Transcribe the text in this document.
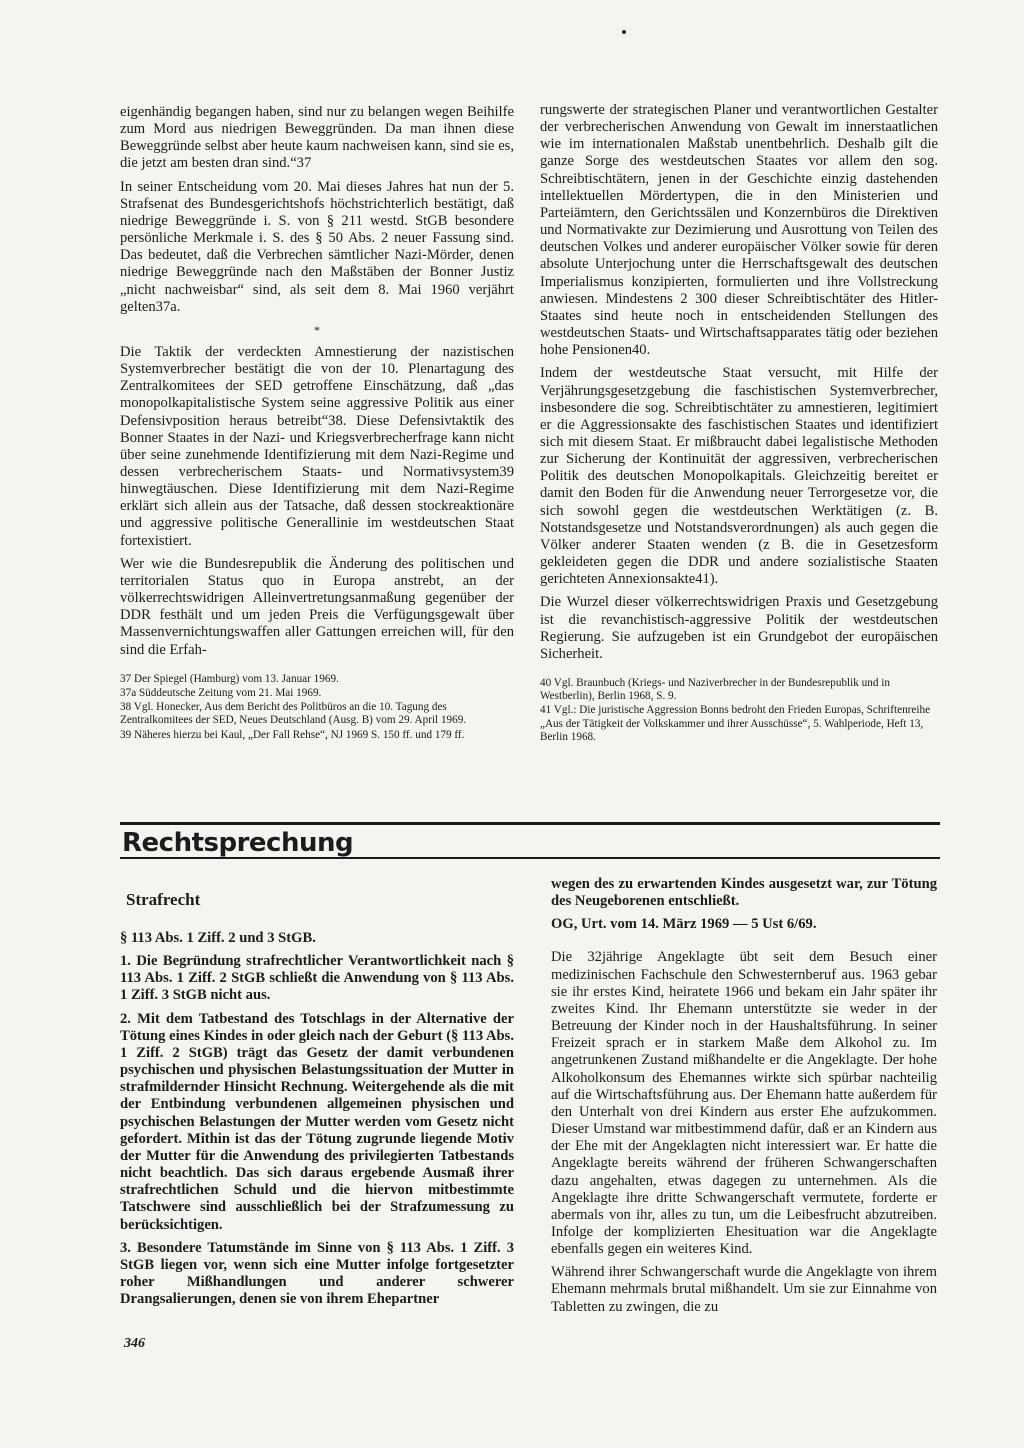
eigenhändig begangen haben, sind nur zu belangen wegen Beihilfe zum Mord aus niedrigen Beweggründen. Da man ihnen diese Beweggründe selbst aber heute kaum nachweisen kann, sind sie es, die jetzt am besten dran sind.“37

In seiner Entscheidung vom 20. Mai dieses Jahres hat nun der 5. Strafsenat des Bundesgerichtshofs höchstrichterlich bestätigt, daß niedrige Beweggründe i. S. von § 211 westd. StGB besondere persönliche Merkmale i. S. des § 50 Abs. 2 neuer Fassung sind. Das bedeutet, daß die Verbrechen sämtlicher Nazi-Mörder, denen niedrige Beweggründe nach den Maßstäben der Bonner Justiz „nicht nachweisbar“ sind, als seit dem 8. Mai 1960 verjährt gelten37a.

*

Die Taktik der verdeckten Amnestierung der nazistischen Systemverbrecher bestätigt die von der 10. Plenartagung des Zentralkomitees der SED getroffene Einschätzung, daß „das monopolkapitalistische System seine aggressive Politik aus einer Defensivposition heraus betreibt“38. Diese Defensivtaktik des Bonner Staates in der Nazi- und Kriegsverbrecherfrage kann nicht über seine zunehmende Identifizierung mit dem Nazi-Regime und dessen verbrecherischem Staats- und Normativsystem39 hinwegtäuschen. Diese Identifizierung mit dem Nazi-Regime erklärt sich allein aus der Tatsache, daß dessen stockreaktionäre und aggressive politische Generallinie im westdeutschen Staat fortexistiert.

Wer wie die Bundesrepublik die Änderung des politischen und territorialen Status quo in Europa anstrebt, an der völkerrechtswidrigen Alleinvertretungsanmaßung gegenüber der DDR festhält und um jeden Preis die Verfügungsgewalt über Massenvernichtungswaffen aller Gattungen erreichen will, für den sind die Erfah-

37 Der Spiegel (Hamburg) vom 13. Januar 1969.

37a Süddeutsche Zeitung vom 21. Mai 1969.

38 Vgl. Honecker, Aus dem Bericht des Politbüros an die 10. Tagung des Zentralkomitees der SED, Neues Deutschland (Ausg. B) vom 29. April 1969.

39 Näheres hierzu bei Kaul, „Der Fall Rehse“, NJ 1969 S. 150 ff. und 179 ff.

rungswerte der strategischen Planer und verantwortlichen Gestalter der verbrecherischen Anwendung von Gewalt im innerstaatlichen wie im internationalen Maßstab unentbehrlich. Deshalb gilt die ganze Sorge des westdeutschen Staates vor allem den sog. Schreibtischtätern, jenen in der Geschichte einzig dastehenden intellektuellen Mördertypen, die in den Ministerien und Parteiämtern, den Gerichtssälen und Konzernbüros die Direktiven und Normativakte zur Dezimierung und Ausrottung von Teilen des deutschen Volkes und anderer europäischer Völker sowie für deren absolute Unterjochung unter die Herrschaftsgewalt des deutschen Imperialismus konzipierten, formulierten und ihre Vollstreckung anwiesen. Mindestens 2 300 dieser Schreibtischtäter des Hitler-Staates sind heute noch in entscheidenden Stellungen des westdeutschen Staats- und Wirtschaftsapparates tätig oder beziehen hohe Pensionen40.

Indem der westdeutsche Staat versucht, mit Hilfe der Verjährungsgesetzgebung die faschistischen Systemverbrecher, insbesondere die sog. Schreibtischtäter zu amnestieren, legitimiert er die Aggressionsakte des faschistischen Staates und identifiziert sich mit diesem Staat. Er mißbraucht dabei legalistische Methoden zur Sicherung der Kontinuität der aggressiven, verbrecherischen Politik des deutschen Monopolkapitals. Gleichzeitig bereitet er damit den Boden für die Anwendung neuer Terrorgesetze vor, die sich sowohl gegen die westdeutschen Werktätigen (z. B. Notstandsgesetze und Notstandsverordnungen) als auch gegen die Völker anderer Staaten wenden (z B. die in Gesetzesform gekleideten gegen die DDR und andere sozialistische Staaten gerichteten Annexionsakte41).

Die Wurzel dieser völkerrechtswidrigen Praxis und Gesetzgebung ist die revanchistisch-aggressive Politik der westdeutschen Regierung. Sie aufzugeben ist ein Grundgebot der europäischen Sicherheit.

40 Vgl. Braunbuch (Kriegs- und Naziverbrecher in der Bundesrepublik und in Westberlin), Berlin 1968, S. 9.

41 Vgl.: Die juristische Aggression Bonns bedroht den Frieden Europas, Schriftenreihe „Aus der Tätigkeit der Volkskammer und ihrer Ausschüsse“, 5. Wahlperiode, Heft 13, Berlin 1968.

Rechtsprechung
Strafrecht

§ 113 Abs. 1 Ziff. 2 und 3 StGB.

1. Die Begründung strafrechtlicher Verantwortlichkeit nach § 113 Abs. 1 Ziff. 2 StGB schließt die Anwendung von § 113 Abs. 1 Ziff. 3 StGB nicht aus.

2. Mit dem Tatbestand des Totschlags in der Alternative der Tötung eines Kindes in oder gleich nach der Geburt (§ 113 Abs. 1 Ziff. 2 StGB) trägt das Gesetz der damit verbundenen psychischen und physischen Belastungssituation der Mutter in strafmildernder Hinsicht Rechnung. Weitergehende als die mit der Entbindung verbundenen allgemeinen physischen und psychischen Belastungen der Mutter werden vom Gesetz nicht gefordert. Mithin ist das der Tötung zugrunde liegende Motiv der Mutter für die Anwendung des privilegierten Tatbestands nicht beachtlich. Das sich daraus ergebende Ausmaß ihrer strafrechtlichen Schuld und die hiervon mitbestimmte Tatschwere sind ausschließlich bei der Strafzumessung zu berücksichtigen.

3. Besondere Tatumstände im Sinne von § 113 Abs. 1 Ziff. 3 StGB liegen vor, wenn sich eine Mutter infolge fortgesetzter roher Mißhandlungen und anderer schwerer Drangsalierungen, denen sie von ihrem Ehepartner

wegen des zu erwartenden Kindes ausgesetzt war, zur Tötung des Neugeborenen entschließt.

OG, Urt. vom 14. März 1969 — 5 Ust 6/69.

Die 32jährige Angeklagte übt seit dem Besuch einer medizinischen Fachschule den Schwesternberuf aus. 1963 gebar sie ihr erstes Kind, heiratete 1966 und bekam ein Jahr später ihr zweites Kind. Ihr Ehemann unterstützte sie weder in der Betreuung der Kinder noch in der Haushaltsführung. In seiner Freizeit sprach er in starkem Maße dem Alkohol zu. Im angetrunkenen Zustand mißhandelte er die Angeklagte. Der hohe Alkoholkonsum des Ehemannes wirkte sich spürbar nachteilig auf die Wirtschaftsführung aus. Der Ehemann hatte außerdem für den Unterhalt von drei Kindern aus erster Ehe aufzukommen. Dieser Umstand war mitbestimmend dafür, daß er an Kindern aus der Ehe mit der Angeklagten nicht interessiert war. Er hatte die Angeklagte bereits während der früheren Schwangerschaften dazu angehalten, etwas dagegen zu unternehmen. Als die Angeklagte ihre dritte Schwangerschaft vermutete, forderte er abermals von ihr, alles zu tun, um die Leibesfrucht abzutreiben. Infolge der komplizierten Ehesituation war die Angeklagte ebenfalls gegen ein weiteres Kind.

Während ihrer Schwangerschaft wurde die Angeklagte von ihrem Ehemann mehrmals brutal mißhandelt. Um sie zur Einnahme von Tabletten zu zwingen, die zu

346
